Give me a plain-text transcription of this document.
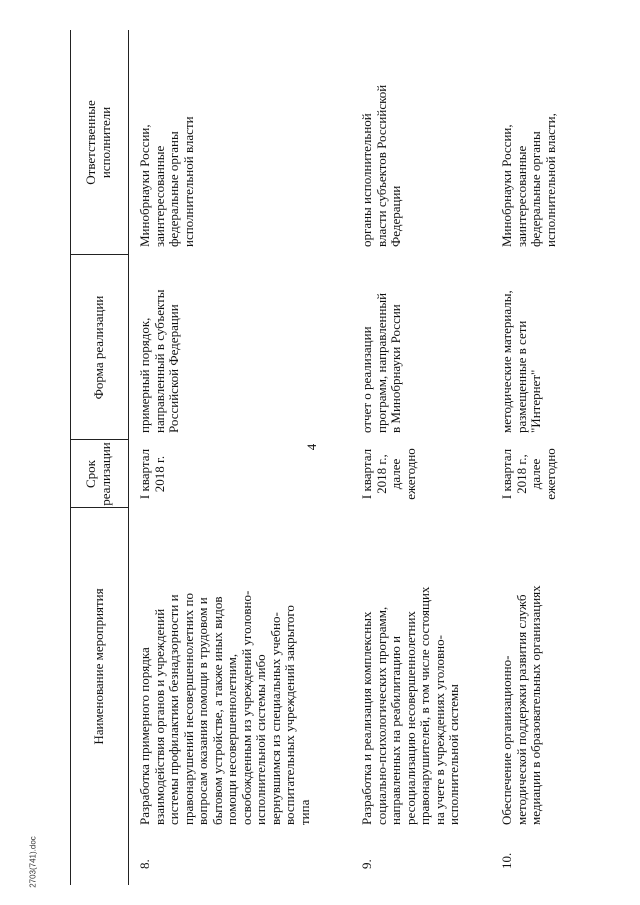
4
2703(741).doc
Наименование мероприятия
Срок реализации
Форма реализации
Ответственные исполнители
8.
Разработка примерного порядка взаимодействия органов и учреждений системы профилактики безнадзорности и правонарушений несовершеннолетних по вопросам оказания помощи в трудовом и бытовом устройстве, а также иных видов помощи несовершеннолетним, освобожденным из учреждений уголовно- исполнительной системы либо вернувшимся из специальных учебно- воспитательных учреждений закрытого типа
I квартал 2018 г.
примерный порядок, направленный в субъекты Российской Федерации
Минобрнауки России, заинтересованные федеральные органы исполнительной власти
9.
Разработка и реализация комплексных социально-психологических программ, направленных на реабилитацию и ресоциализацию несовершеннолетних правонарушителей, в том числе состоящих на учете в учреждениях уголовно- исполнительной системы
I квартал 2018 г., далее ежегодно
отчет о реализации программ, направленный в Минобрнауки России
органы исполнительной власти субъектов Российской Федерации
10.
Обеспечение организационно- методической поддержки развития служб медиации в образовательных организациях
I квартал 2018 г., далее ежегодно
методические материалы, размещенные в сети "Интернет"
Минобрнауки России, заинтересованные федеральные органы исполнительной власти,
